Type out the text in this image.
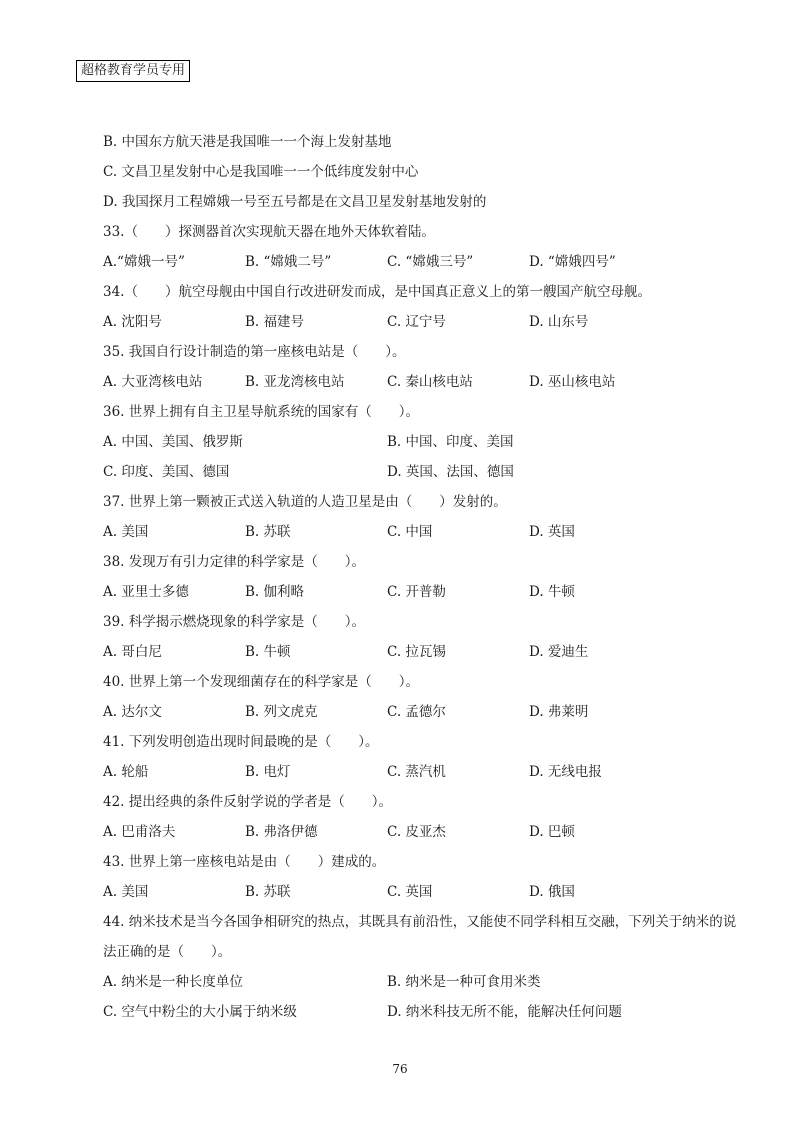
超格教育学员专用
B. 中国东方航天港是我国唯一一个海上发射基地
C. 文昌卫星发射中心是我国唯一一个低纬度发射中心
D. 我国探月工程嫦娥一号至五号都是在文昌卫星发射基地发射的
33.（　　）探测器首次实现航天器在地外天体软着陆。
A.“嫦娥一号”	B. “嫦娥二号”	C. “嫦娥三号”	D. “嫦娥四号”
34.（　　）航空母舰由中国自行改进研发而成，是中国真正意义上的第一艘国产航空母舰。
A. 沈阳号	B. 福建号	C. 辽宁号	D. 山东号
35. 我国自行设计制造的第一座核电站是（　　）。
A. 大亚湾核电站	B. 亚龙湾核电站	C. 秦山核电站	D. 巫山核电站
36. 世界上拥有自主卫星导航系统的国家有（　　）。
A. 中国、美国、俄罗斯	B. 中国、印度、美国
C. 印度、美国、德国	D. 英国、法国、德国
37. 世界上第一颗被正式送入轨道的人造卫星是由（　　）发射的。
A. 美国	B. 苏联	C. 中国	D. 英国
38. 发现万有引力定律的科学家是（　　）。
A. 亚里士多德	B. 伽利略	C. 开普勒	D. 牛顿
39. 科学揭示燃烧现象的科学家是（　　）。
A. 哥白尼	B. 牛顿	C. 拉瓦锡	D. 爱迪生
40. 世界上第一个发现细菌存在的科学家是（　　）。
A. 达尔文	B. 列文虎克	C. 孟德尔	D. 弗莱明
41. 下列发明创造出现时间最晚的是（　　）。
A. 轮船	B. 电灯	C. 蒸汽机	D. 无线电报
42. 提出经典的条件反射学说的学者是（　　）。
A. 巴甫洛夫	B. 弗洛伊德	C. 皮亚杰	D. 巴顿
43. 世界上第一座核电站是由（　　）建成的。
A. 美国	B. 苏联	C. 英国	D. 俄国
44. 纳米技术是当今各国争相研究的热点，其既具有前沿性，又能使不同学科相互交融，下列关于纳米的说
法正确的是（　　）。
A. 纳米是一种长度单位	B. 纳米是一种可食用米类
C. 空气中粉尘的大小属于纳米级	D. 纳米科技无所不能，能解决任何问题
76
